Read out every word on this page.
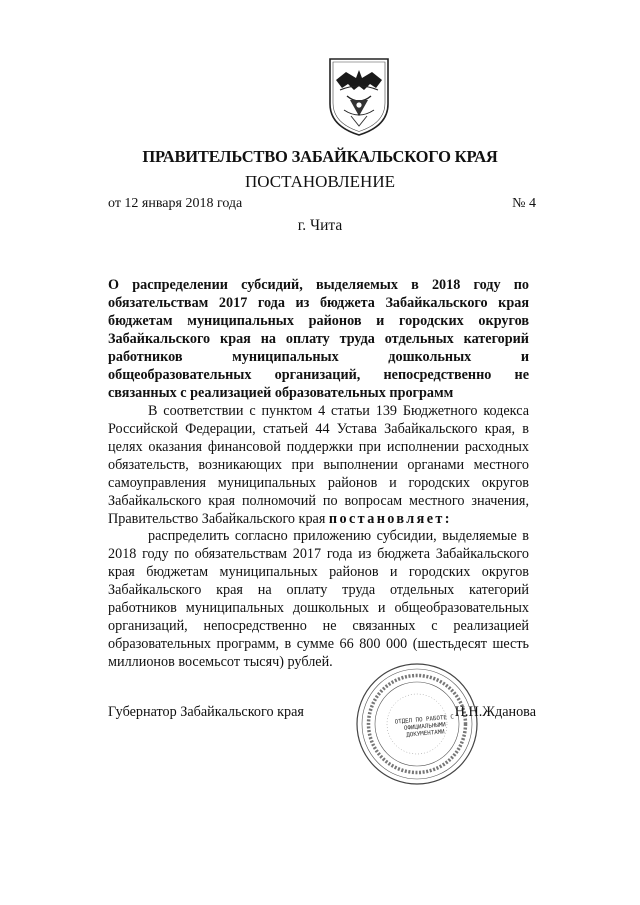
ПРАВИТЕЛЬСТВО ЗАБАЙКАЛЬСКОГО КРАЯ
ПОСТАНОВЛЕНИЕ
от 12 января 2018 года	№ 4
г. Чита
О распределении субсидий, выделяемых в 2018 году по обязательствам 2017 года из бюджета Забайкальского края бюджетам муниципальных районов и городских округов Забайкальского края на оплату труда отдельных категорий работников муниципальных дошкольных и общеобразовательных организаций, непосредственно не связанных с реализацией образовательных программ
В соответствии с пунктом 4 статьи 139 Бюджетного кодекса Российской Федерации, статьей 44 Устава Забайкальского края, в целях оказания финансовой поддержки при исполнении расходных обязательств, возникающих при выполнении органами местного самоуправления муниципальных районов и городских округов Забайкальского края полномочий по вопросам местного значения, Правительство Забайкальского края постановляет:
распределить согласно приложению субсидии, выделяемые в 2018 году по обязательствам 2017 года из бюджета Забайкальского края бюджетам муниципальных районов и городских округов Забайкальского края на оплату труда отдельных категорий работников муниципальных дошкольных и общеобразовательных организаций, непосредственно не связанных с реализацией образовательных программ, в сумме 66 800 000 (шестьдесят шесть миллионов восемьсот тысяч) рублей.
Губернатор Забайкальского края
ОТДЕЛ ПО РАБОТЕ С ОФИЦИАЛЬНЫМИ ДОКУМЕНТАМИ
Н.Н.Жданова
